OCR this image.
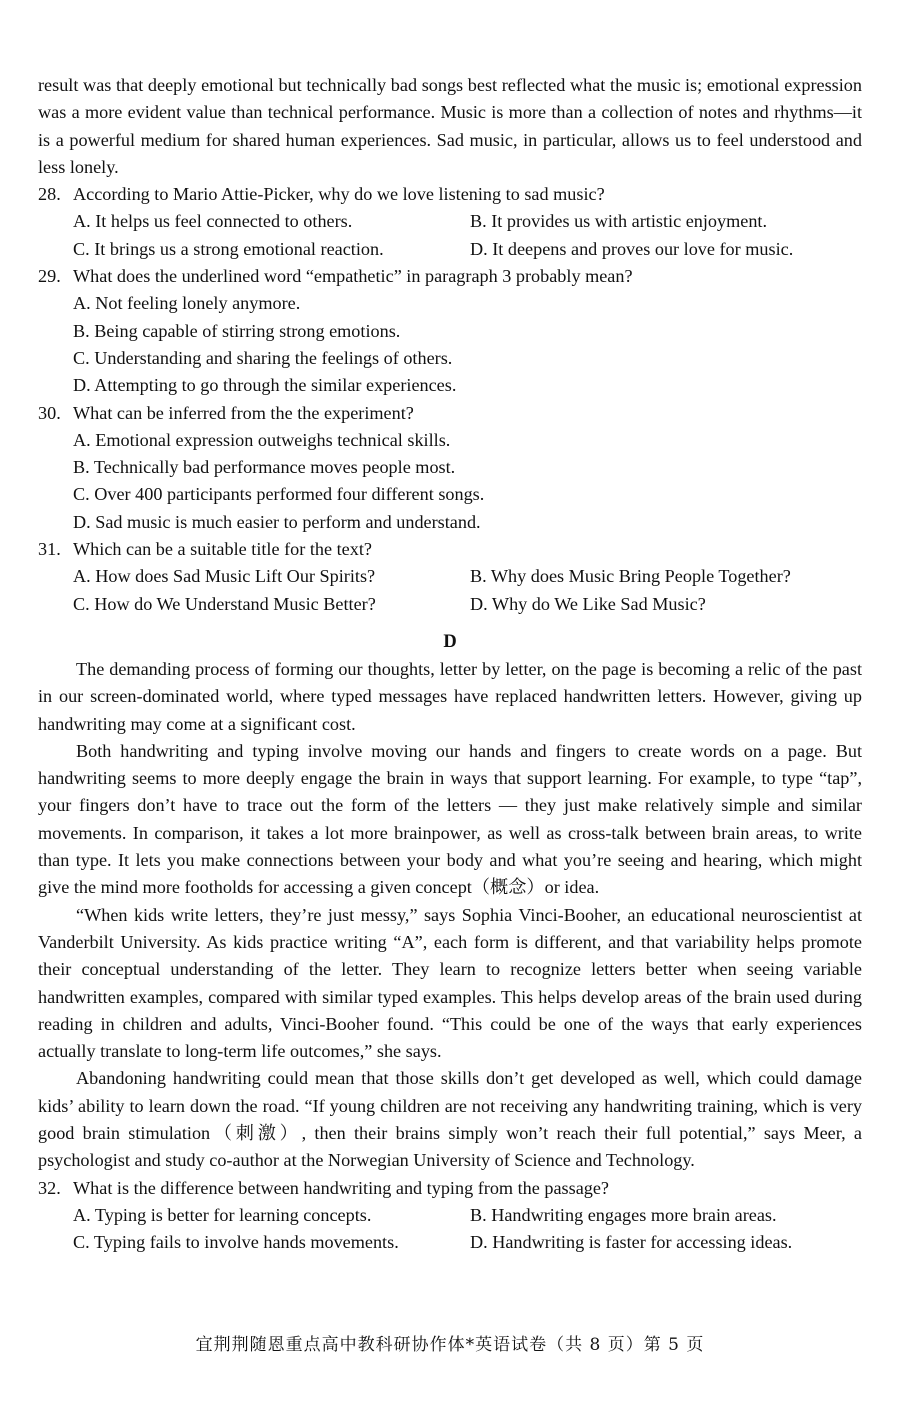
result was that deeply emotional but technically bad songs best reflected what the music is; emotional expression was a more evident value than technical performance. Music is more than a collection of notes and rhythms—it is a powerful medium for shared human experiences. Sad music, in particular, allows us to feel understood and less lonely.

28. According to Mario Attie-Picker, why do we love listening to sad music?

A. It helps us feel connected to others.	B. It provides us with artistic enjoyment.
C. It brings us a strong emotional reaction.	D. It deepens and proves our love for music.

29. What does the underlined word “empathetic” in paragraph 3 probably mean?

A. Not feeling lonely anymore.

B. Being capable of stirring strong emotions.

C. Understanding and sharing the feelings of others.

D. Attempting to go through the similar experiences.

30. What can be inferred from the the experiment?

A. Emotional expression outweighs technical skills.

B. Technically bad performance moves people most.

C. Over 400 participants performed four different songs.

D. Sad music is much easier to perform and understand.

31. Which can be a suitable title for the text?

A. How does Sad Music Lift Our Spirits?	B. Why does Music Bring People Together?
C. How do We Understand Music Better?	D. Why do We Like Sad Music?

D

The demanding process of forming our thoughts, letter by letter, on the page is becoming a relic of the past in our screen-dominated world, where typed messages have replaced handwritten letters. However, giving up handwriting may come at a significant cost.

Both handwriting and typing involve moving our hands and fingers to create words on a page. But handwriting seems to more deeply engage the brain in ways that support learning. For example, to type “tap”, your fingers don’t have to trace out the form of the letters — they just make relatively simple and similar movements. In comparison, it takes a lot more brainpower, as well as cross-talk between brain areas, to write than type. It lets you make connections between your body and what you’re seeing and hearing, which might give the mind more footholds for accessing a given concept（概念）or idea.

“When kids write letters, they’re just messy,” says Sophia Vinci-Booher, an educational neuroscientist at Vanderbilt University. As kids practice writing “A”, each form is different, and that variability helps promote their conceptual understanding of the letter. They learn to recognize letters better when seeing variable handwritten examples, compared with similar typed examples. This helps develop areas of the brain used during reading in children and adults, Vinci-Booher found. “This could be one of the ways that early experiences actually translate to long-term life outcomes,” she says.

Abandoning handwriting could mean that those skills don’t get developed as well, which could damage kids’ ability to learn down the road. “If young children are not receiving any handwriting training, which is very good brain stimulation（刺激）, then their brains simply won’t reach their full potential,” says Meer, a psychologist and study co-author at the Norwegian University of Science and Technology.

32. What is the difference between handwriting and typing from the passage?

A. Typing is better for learning concepts.	B. Handwriting engages more brain areas.
C. Typing fails to involve hands movements.	D. Handwriting is faster for accessing ideas.
宜荆荆随恩重点高中教科研协作体*英语试卷（共 8 页）第 5 页
